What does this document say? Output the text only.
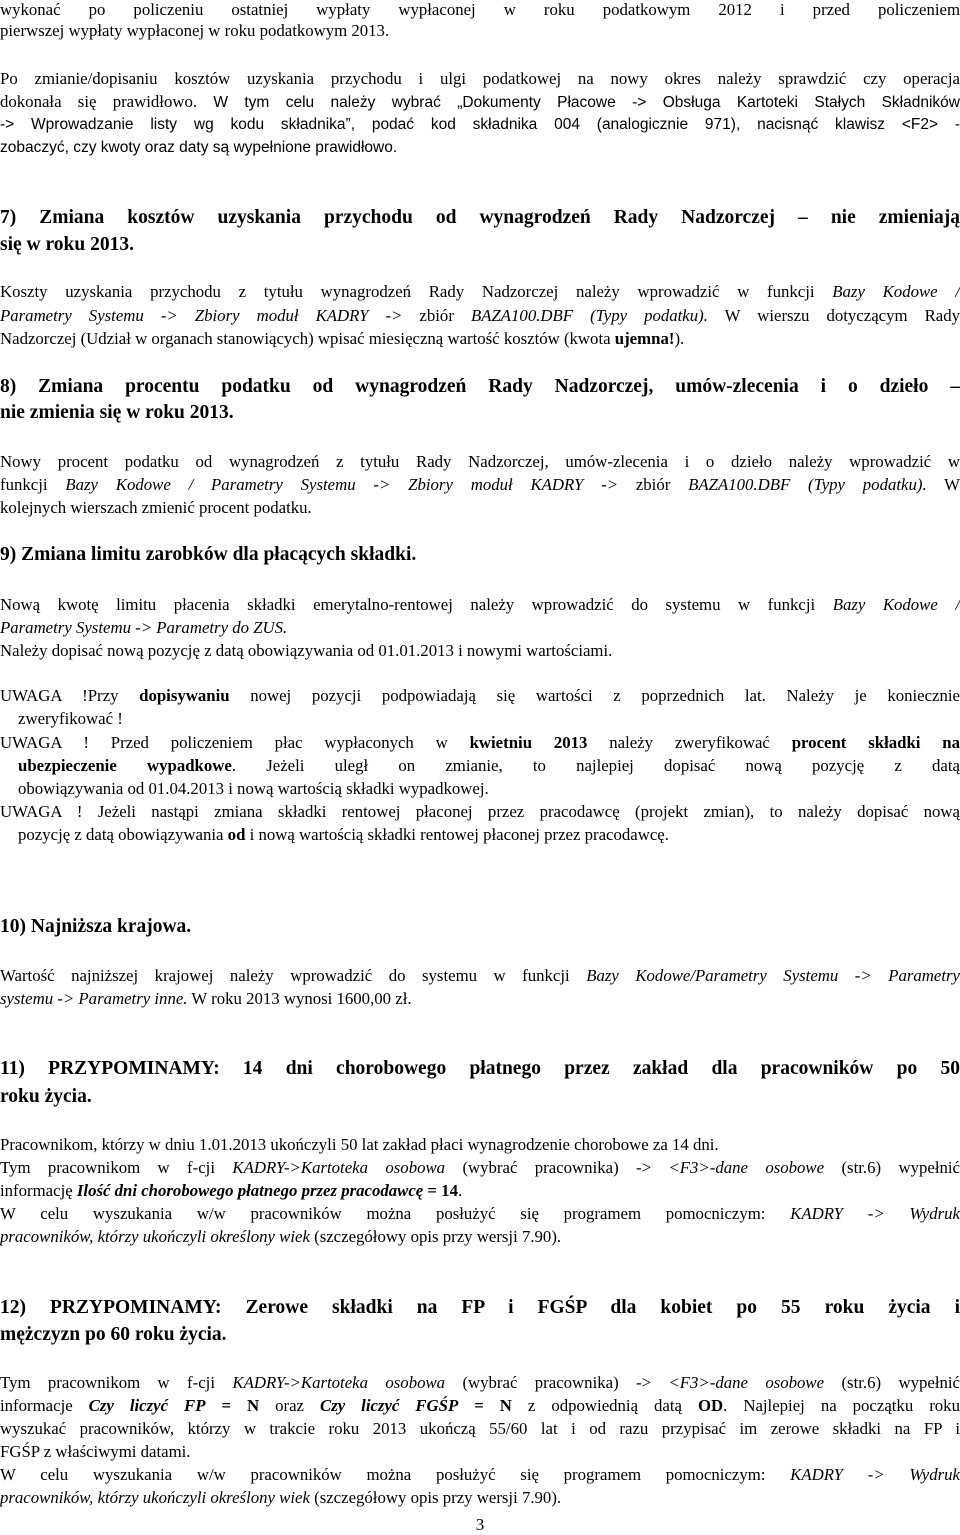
wykonać po policzeniu ostatniej wypłaty wypłaconej w roku podatkowym 2012 i przed policzeniem

pierwszej wypłaty wypłaconej w roku podatkowym 2013.

Po zmianie/dopisaniu kosztów uzyskania przychodu i ulgi podatkowej na nowy okres należy sprawdzić czy operacja

dokonała się prawidłowo. W tym celu należy wybrać „Dokumenty Płacowe -> Obsługa Kartoteki Stałych Składników

-> Wprowadzanie listy wg kodu składnika”, podać kod składnika 004 (analogicznie 971), nacisnąć klawisz <F2> -

zobaczyć, czy kwoty oraz daty są wypełnione prawidłowo.

7) Zmiana kosztów uzyskania przychodu od wynagrodzeń Rady Nadzorczej – nie zmieniają
się w roku 2013.

Koszty uzyskania przychodu z tytułu wynagrodzeń Rady Nadzorczej należy wprowadzić w funkcji Bazy Kodowe /

Parametry Systemu -> Zbiory moduł KADRY -> zbiór BAZA100.DBF (Typy podatku). W wierszu dotyczącym Rady

Nadzorczej (Udział w organach stanowiących) wpisać miesięczną wartość kosztów (kwota ujemna!).

8) Zmiana procentu podatku od wynagrodzeń Rady Nadzorczej, umów-zlecenia i o dzieło –
nie zmienia się w roku 2013.

Nowy procent podatku od wynagrodzeń z tytułu Rady Nadzorczej, umów-zlecenia i o dzieło należy wprowadzić w

funkcji Bazy Kodowe / Parametry Systemu -> Zbiory moduł KADRY -> zbiór BAZA100.DBF (Typy podatku). W

kolejnych wierszach zmienić procent podatku.

9) Zmiana limitu zarobków dla płacących składki.

Nową kwotę limitu płacenia składki emerytalno-rentowej należy wprowadzić do systemu w funkcji Bazy Kodowe /

Parametry Systemu -> Parametry do ZUS.

Należy dopisać nową pozycję z datą obowiązywania od 01.01.2013 i nowymi wartościami.

UWAGA !Przy dopisywaniu nowej pozycji podpowiadają się wartości z poprzednich lat. Należy je koniecznie

zweryfikować !

UWAGA ! Przed policzeniem płac wypłaconych w kwietniu 2013 należy zweryfikować procent składki na

ubezpieczenie wypadkowe. Jeżeli uległ on zmianie, to najlepiej dopisać nową pozycję z datą

obowiązywania od 01.04.2013 i nową wartością składki wypadkowej.

UWAGA ! Jeżeli nastąpi zmiana składki rentowej płaconej przez pracodawcę (projekt zmian), to należy dopisać nową

pozycję z datą obowiązywania od i nową wartością składki rentowej płaconej przez pracodawcę.

10) Najniższa krajowa.

Wartość najniższej krajowej należy wprowadzić do systemu w funkcji Bazy Kodowe/Parametry Systemu -> Parametry

systemu -> Parametry inne. W roku 2013 wynosi 1600,00 zł.

11) PRZYPOMINAMY: 14 dni chorobowego płatnego przez zakład dla pracowników po 50
roku życia.

Pracownikom, którzy w dniu 1.01.2013 ukończyli 50 lat zakład płaci wynagrodzenie chorobowe za 14 dni.

Tym pracownikom w f-cji KADRY->Kartoteka osobowa (wybrać pracownika) -> <F3>-dane osobowe (str.6) wypełnić

informację Ilość dni chorobowego płatnego przez pracodawcę = 14.

W celu wyszukania w/w pracowników można posłużyć się programem pomocniczym: KADRY -> Wydruk

pracowników, którzy ukończyli określony wiek (szczegółowy opis przy wersji 7.90).

12) PRZYPOMINAMY: Zerowe składki na FP i FGŚP dla kobiet po 55 roku życia i
mężczyzn po 60 roku życia.

Tym pracownikom w f-cji KADRY->Kartoteka osobowa (wybrać pracownika) -> <F3>-dane osobowe (str.6) wypełnić

informacje Czy liczyć FP = N oraz Czy liczyć FGŚP = N z odpowiednią datą OD. Najlepiej na początku roku

wyszukać pracowników, którzy w trakcie roku 2013 ukończą 55/60 lat i od razu przypisać im zerowe składki na FP i

FGŚP z właściwymi datami.

W celu wyszukania w/w pracowników można posłużyć się programem pomocniczym: KADRY -> Wydruk

pracowników, którzy ukończyli określony wiek (szczegółowy opis przy wersji 7.90).

3
